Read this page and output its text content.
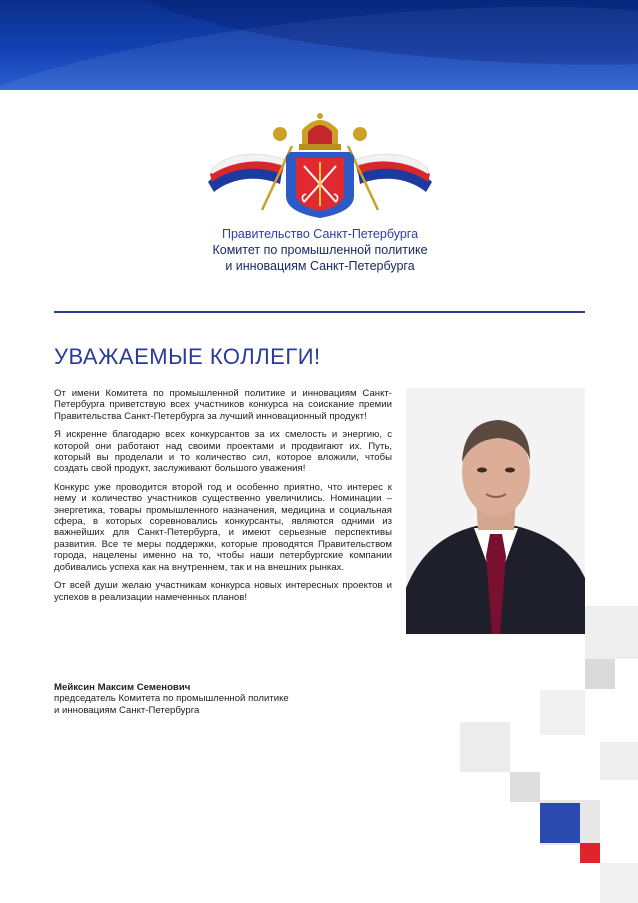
Правительство Санкт-Петербурга
Комитет по промышленной политике
и инновациям Санкт-Петербурга
УВАЖАЕМЫЕ КОЛЛЕГИ!

От имени Комитета по промышленной политике и инновациям Санкт-Петербурга приветствую всех участников конкурса на соискание премии Правительства Санкт-Петербурга за лучший инновационный продукт!

Я искренне благодарю всех конкурсантов за их смелость и энергию, с которой они работают над своими проектами и продвигают их. Путь, который вы проделали и то количество сил, которое вложили, чтобы создать свой продукт, заслуживают большого уважения!

Конкурс уже проводится второй год и особенно приятно, что интерес к нему и количество участников существенно увеличились. Номинации – энергетика, товары промышленного назначения, медицина и социальная сфера, в которых соревновались конкурсанты, являются одними из важнейших для Санкт-Петербурга, и имеют серьезные перспективы развития. Все те меры поддержки, которые проводятся Правительством города, нацелены именно на то, чтобы наши петербургские компании добивались успеха как на внутреннем, так и на внешних рынках.

От всей души желаю участникам конкурса новых интересных проектов и успехов в реализации намеченных планов!

Мейксин Максим Семенович
председатель Комитета по промышленной политике
и инновациям Санкт-Петербурга
